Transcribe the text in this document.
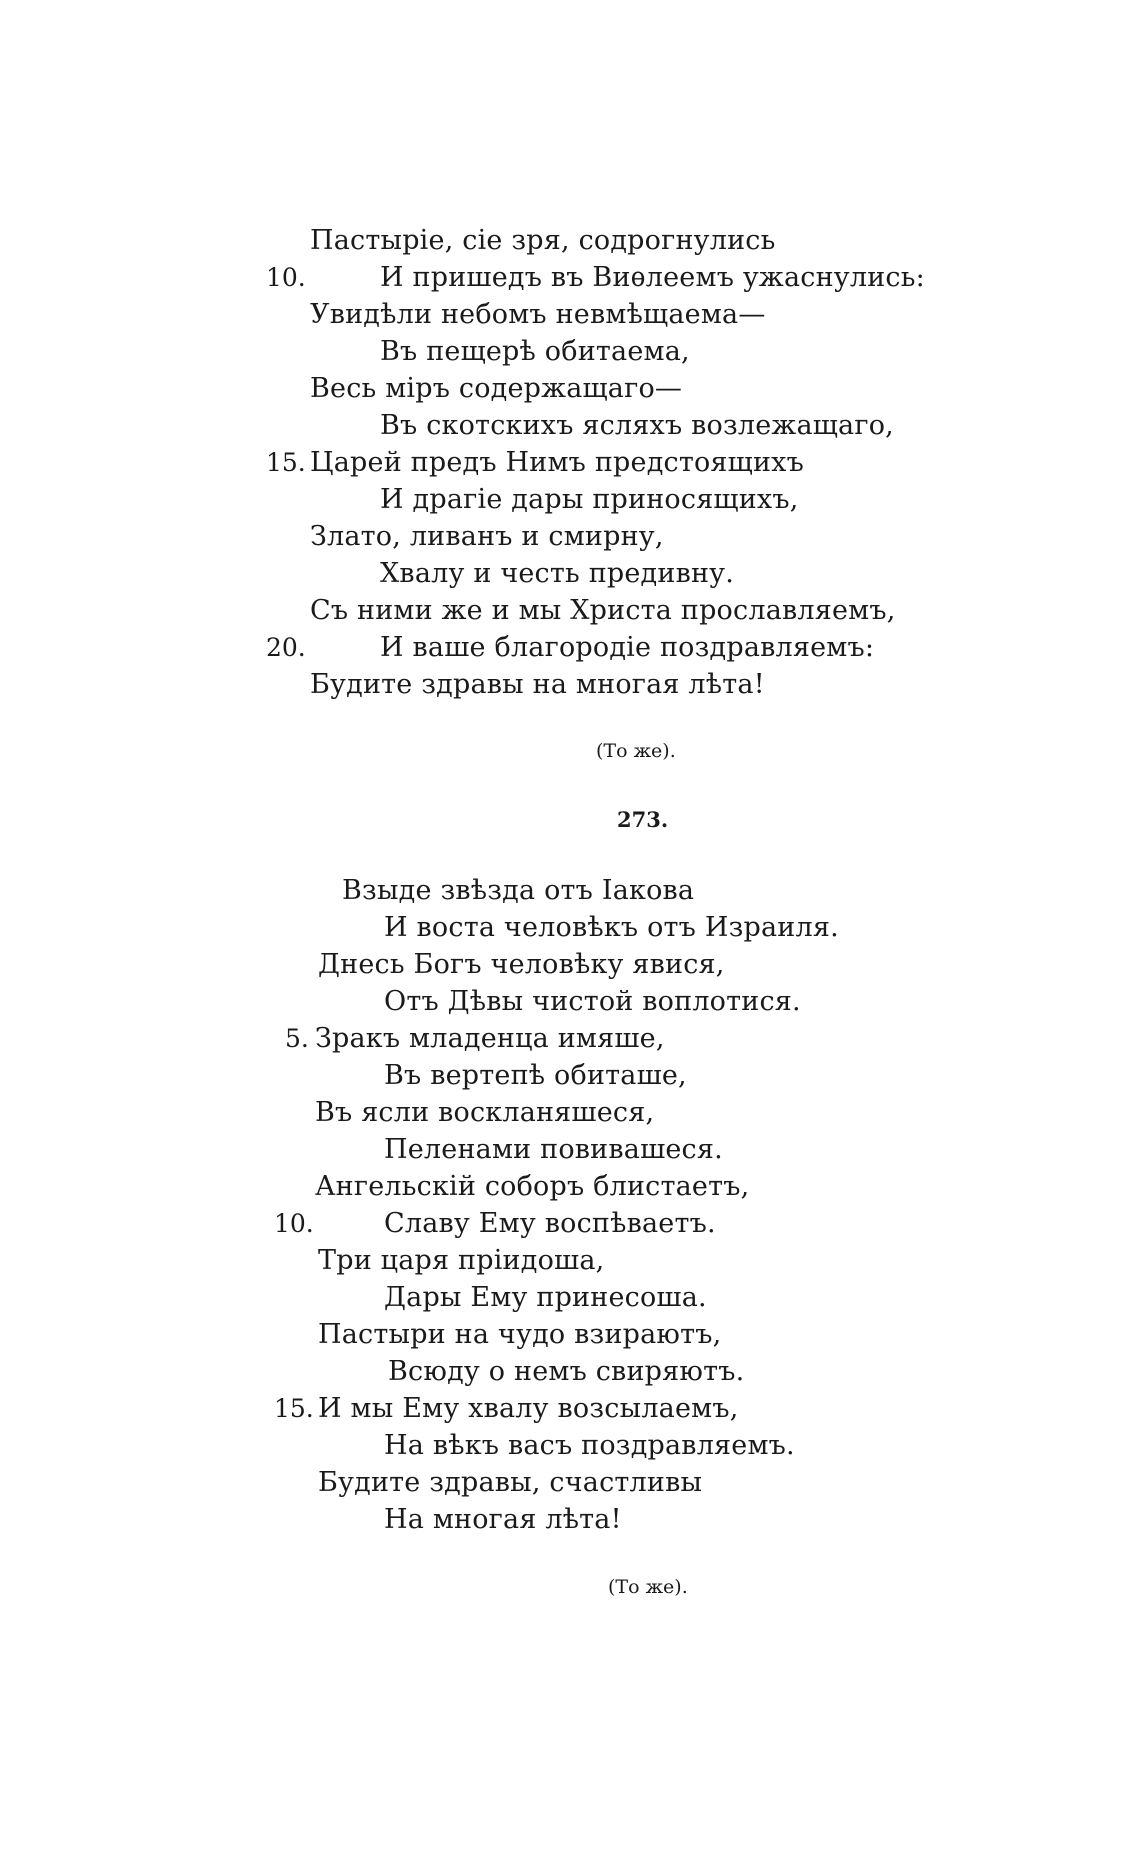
Пастыріе, сіе зря, содрогнулись
10.	И пришедъ въ Виѳлеемъ ужаснулись:
Увидѣли небомъ невмѣщаема—
Въ пещерѣ обитаема,
Весь міръ содержащаго—
Въ скотскихъ ясляхъ возлежащаго,
15. Царей предъ Нимъ предстоящихъ
И драгіе дары приносящихъ,
Злато, ливанъ и смирну,
Хвалу и честь предивну.
Съ ними же и мы Христа прославляемъ,
20.	И ваше благородіе поздравляемъ:
Будите здравы на многая лѣта!
(То же).
273.
Взыде звѣзда отъ Іакова
И воста человѣкъ отъ Израиля.
Днесь Богъ человѣку явися,
Отъ Дѣвы чистой воплотися.
5. Зракъ младенца имяше,
Въ вертепѣ обиташе,
Въ ясли воскланяшеся,
Пеленами повивашеся.
Ангельскій соборъ блистаетъ,
10.	Славу Ему воспѣваетъ.
Три царя пріидоша,
Дары Ему принесоша.
Пастыри на чудо взираютъ,
Всюду о немъ свиряютъ.
15. И мы Ему хвалу возсылаемъ,
На вѣкъ васъ поздравляемъ.
Будите здравы, счастливы
На многая лѣта!
(То же).
